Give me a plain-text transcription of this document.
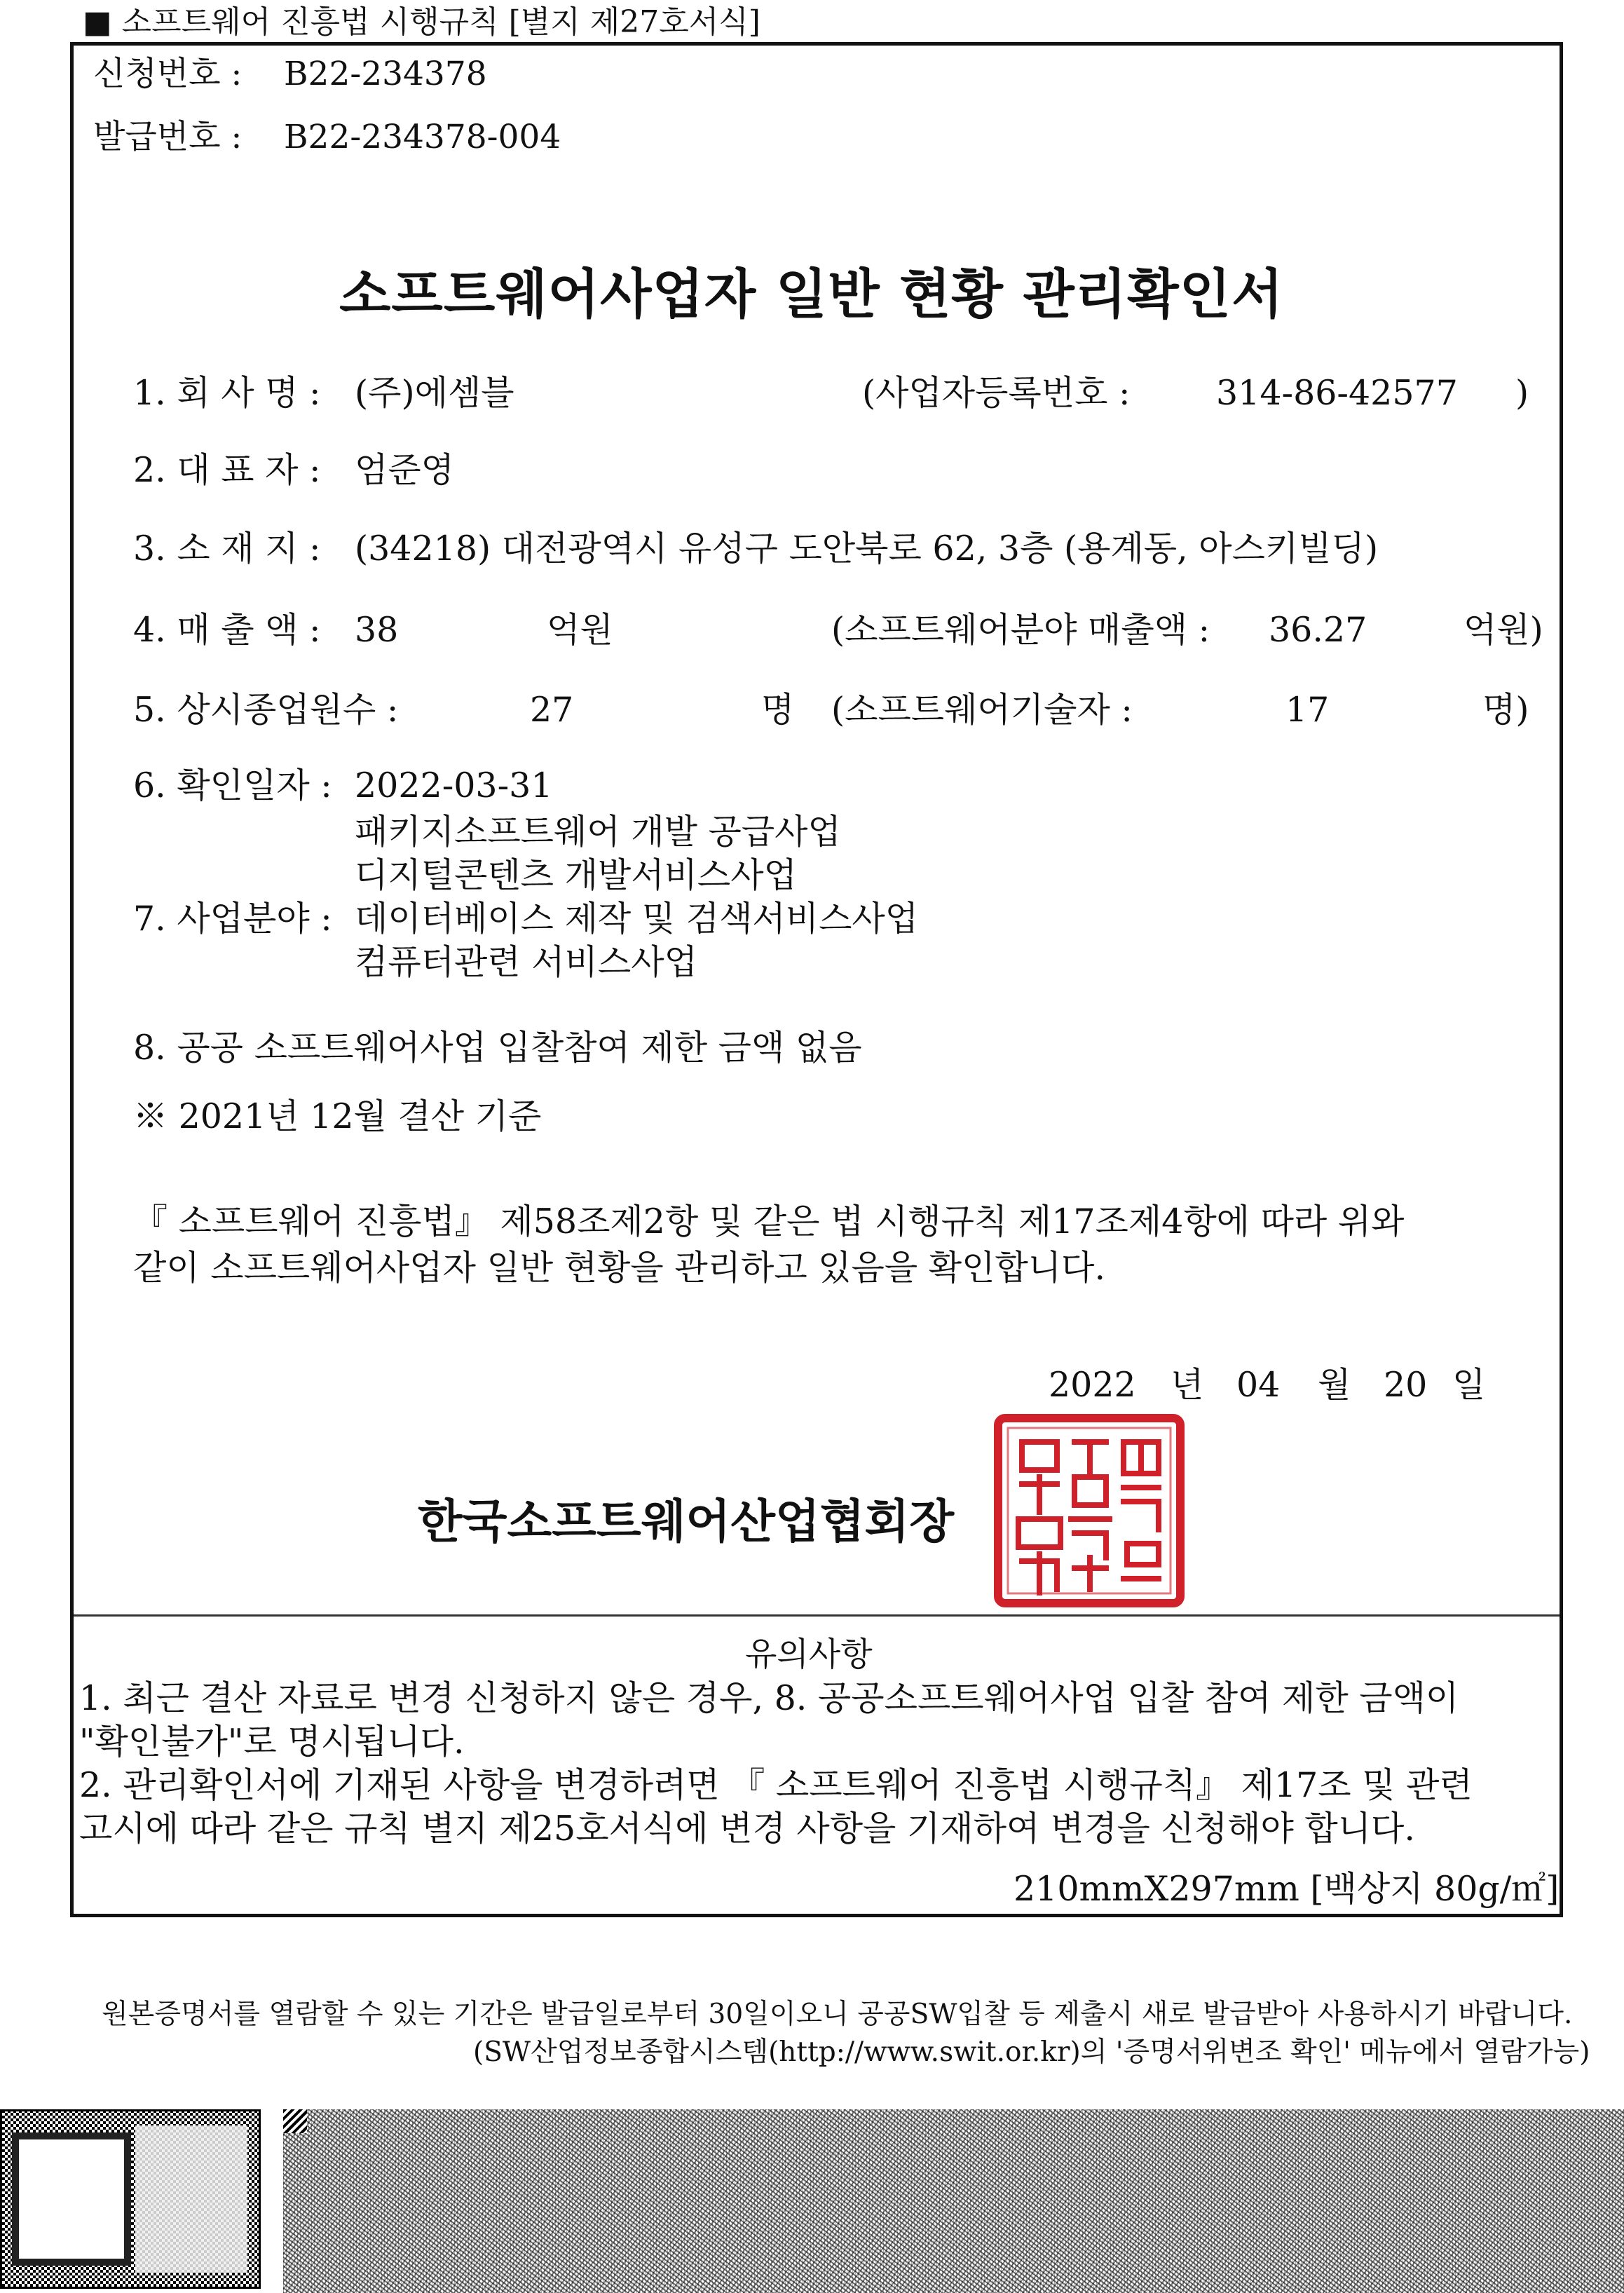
■ 소프트웨어 진흥법 시행규칙 [별지 제27호서식]
신청번호 : B22-234378
발급번호 : B22-234378-004
소프트웨어사업자 일반 현황 관리확인서
1. 회 사 명 : (주)에셈블	(사업자등록번호 : 314-86-42577 )
2. 대 표 자 : 엄준영
3. 소 재 지 : (34218) 대전광역시 유성구 도안북로 62, 3층 (용계동, 아스키빌딩)
4. 매 출 액 : 38	억원	(소프트웨어분야 매출액 : 36.27	억원)
5. 상시종업원수 :	27	명 (소프트웨어기술자 :	17	명)
6. 확인일자 : 2022-03-31
패키지소프트웨어 개발 공급사업
디지털콘텐츠 개발서비스사업
7. 사업분야 : 데이터베이스 제작 및 검색서비스사업
컴퓨터관련 서비스사업
8. 공공 소프트웨어사업 입찰참여 제한 금액 없음
※ 2021년 12월 결산 기준
『 소프트웨어 진흥법』 제58조제2항 및 같은 법 시행규칙 제17조제4항에 따라 위와
같이 소프트웨어사업자 일반 현황을 관리하고 있음을 확인합니다.
2022 년 04 월 20 일
한국소프트웨어산업협회장
유의사항
1. 최근 결산 자료로 변경 신청하지 않은 경우, 8. 공공소프트웨어사업 입찰 참여 제한 금액이
"확인불가"로 명시됩니다.
2. 관리확인서에 기재된 사항을 변경하려면 『 소프트웨어 진흥법 시행규칙』 제17조 및 관련
고시에 따라 같은 규칙 별지 제25호서식에 변경 사항을 기재하여 변경을 신청해야 합니다.
210mmX297mm [백상지 80g/㎡]
원본증명서를 열람할 수 있는 기간은 발급일로부터 30일이오니 공공SW입찰 등 제출시 새로 발급받아 사용하시기 바랍니다.
(SW산업정보종합시스템(http://www.swit.or.kr)의 '증명서위변조 확인' 메뉴에서 열람가능)
